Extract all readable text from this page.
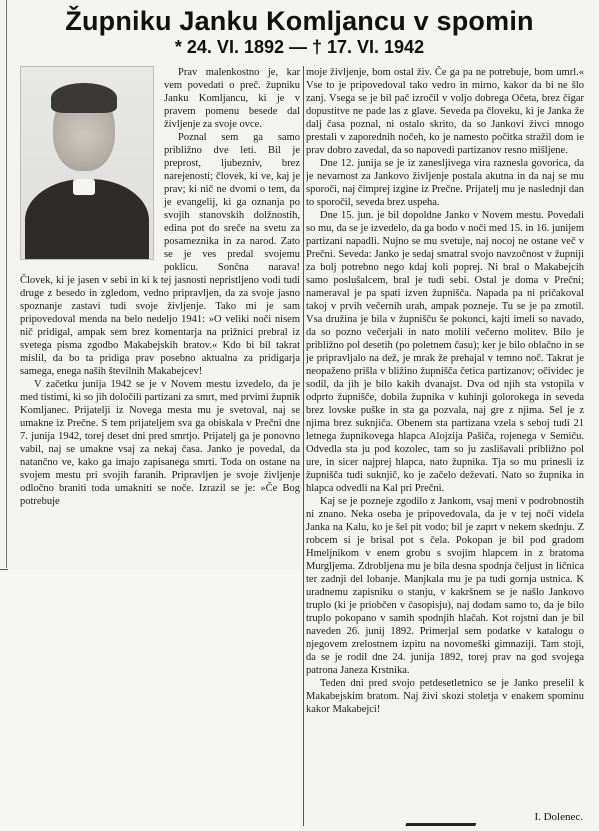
Župniku Janku Komljancu v spomin
* 24. VI. 1892 — † 17. VI. 1942

Prav malenkostno je, kar vem povedati o preč. župniku Janku Komljancu, ki je v pravem pomenu besede dal življenje za svoje ovce.

Poznal sem ga samo približno dve leti. Bil je preprost, ljubezniv, brez narejenosti; človek, ki ve, kaj je prav; ki nič ne dvomi o tem, da je evangelij, ki ga oznanja po svojih stanovskih dolžnostih, edina pot do sreče na svetu za posameznika in za narod. Zato se je ves predal svojemu poklicu. Sončna narava! Človek, ki je jasen v sebi in ki k tej jasnosti nepristljeno vodi tudi druge z besedo in zgledom, vedno pripravljen, da za svoje jasno spoznanje zastavi tudi svoje življenje. Tako mi je sam pripovedoval menda na belo nedeljo 1941: »O veliki noči nisem nič pridigal, ampak sem brez komentarja na prižnici prebral iz svetega pisma zgodbo Makabejskih bratov.« Kdo bi bil takrat mislil, da bo ta pridiga prav posebno aktualna za pridigarja samega, enega naših številnih Makabejcev!

V začetku junija 1942 se je v Novem mestu izvedelo, da je med tistimi, ki so jih določili partizani za smrt, med prvimi župnik Komljanec. Prijatelji iz Novega mesta mu je svetoval, naj se umakne iz Prečne. S tem prijateljem sva ga obiskala v Prečni dne 7. junija 1942, torej deset dni pred smrtjo. Prijatelj ga je ponovno vabil, naj se umakne vsaj za nekaj časa. Janko je povedal, da natančno ve, kako ga imajo zapisanega smrti. Toda on ostane na svojem mestu pri svojih faranih. Pripravljen je svoje življenje odločno braniti toda umakniti se noče. Izrazil se je: »Če Bog potrebuje

moje življenje, bom ostal živ. Če ga pa ne potrebuje, bom umrl.« Vse to je pripovedoval tako vedro in mirno, kakor da bi ne šlo zanj. Vsega se je bil pač izročil v voljo dobrega Očeta, brez čigar dopustitve ne pade las z glave. Seveda pa človeku, ki je Janka že dalj časa poznal, ni ostalo skrito, da so Jankovi živci mnogo prestali v zaporednih nočeh, ko je namesto počitka stražil dom ie prav dobro zavedal, da so napovedi partizanov resno mišljene.

Dne 12. junija se je iz zanesljivega vira raznesla govorica, da je nevarnost za Jankovo življenje postala akutna in da naj se mu sporoči, naj čimprej izgine iz Prečne. Prijatelj mu je naslednji dan to sporočil, seveda brez uspeha.

Dne 15. jun. je bil dopoldne Janko v Novem mestu. Povedali so mu, da se je izvedelo, da ga bodo v noči med 15. in 16. junijem partizani napadli. Nujno se mu svetuje, naj nocoj ne ostane več v Prečni. Seveda: Janko je sedaj smatral svojo navzočnost v župniji za bolj potrebno nego kdaj koli poprej. Ni bral o Makabejcih samo poslušalcem, bral je tudi sebi. Ostal je doma v Prečni; nameraval je pa spati izven župnišča. Napada pa ni pričakoval takoj v prvih večernih urah, ampak pozneje. Tu se je pa zmotil. Vsa družina je bila v župnišču še pokonci, kajti imeli so navado, da so pozno večerjali in nato molili večerno molitev. Bilo je približno pol desetih (po poletnem času); ker je bilo oblačno in se je pripravljalo na dež, je mrak že prehajal v temno noč. Takrat je neopaženo prišla v bližino župnišča četica partizanov; očividec je sodil, da jih je bilo kakih dvanajst. Dva od njih sta vstopila v odprto župnišče, dobila župnika v kuhinji golorokega in seveda brez lovske puške in sta ga pozvala, naj gre z njima. Sel je z njima brez suknjiča. Obenem sta partizana vzela s seboj tudi 21 letnega župnikovega hlapca Alojzija Pašiča, rojenega v Semiču. Odvedla sta ju pod kozolec, tam so ju zaslišavali približno pol ure, in sicer najprej hlapca, nato župnika. Tja so mu prinesli iz župnišča tudi suknjič, ko je začelo deževati. Nato so župnika in hlapca odvedli na Kal pri Prečni.

Kaj se je pozneje zgodilo z Jankom, vsaj meni v podrobnostih ni znano. Neka oseba je pripovedovala, da je v tej noči videla Janka na Kalu, ko je šel pit vodo; bil je zaprt v nekem skednju. Z robcem si je brisal pot s čela. Pokopan je bil pod gradom Hmeljnikom v enem grobu s svojim hlapcem in z bratoma Murgljema. Zdrobljena mu je bila desna spodnja čeljust in ličnica ter zadnji del lobanje. Manjkala mu je pa tudi gornja ustnica. K uradnemu zapisniku o stanju, v kakršnem se je našlo Jankovo truplo (ki je priobčen v časopisju), naj dodam samo to, da je bilo truplo pokopano v samih spodnjih hlačah. Kot rojstni dan je bil naveden 26. junij 1892. Primerjal sem podatke v katalogu o njegovem zrelostnem izpitu na novomeški gimnaziji. Tam stoji, da se je rodil dne 24. junija 1892, torej prav na god svojega patrona Janeza Krstnika.

Teden dni pred svojo petdesetletnico se je Janko preselil k Makabejskim bratom. Naj živi skozi stoletja v enakem spominu kakor Makabejci!

I. Dolenec.
